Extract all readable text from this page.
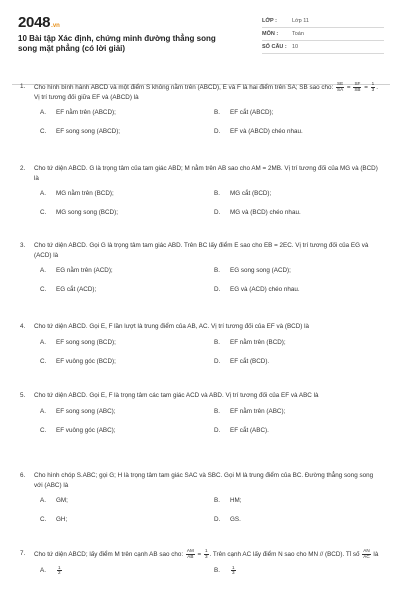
2048 .vn
10 Bài tập Xác định, chứng minh đường thẳng song song mặt phẳng (có lời giải)
LỚP :	Lớp 11
MÔN :	Toán
SỐ CÂU : 10
1.	Cho hình bình hành ABCD và một điểm S không nằm trên (ABCD), E và F là hai điểm trên SA; SB sao cho: $\frac{SE}{SA} = \frac{SF}{SB} = \frac{1}{3}$ . Vị trí tương đối giữa EF và (ABCD) là
A.	EF nằm trên (ABCD);	B.	EF cắt (ABCD);
C.	EF song song (ABCD);	D.	EF và (ABCD) chéo nhau.
2.	Cho tứ diện ABCD. G là trọng tâm của tam giác ABD; M nằm trên AB sao cho AM = 2MB. Vị trí tương đối của MG và (BCD) là
A.	MG nằm trên (BCD);	B.	MG cắt (BCD);
C.	MG song song (BCD);	D.	MG và (BCD) chéo nhau.
3.	Cho tứ diện ABCD. Gọi G là trọng tâm tam giác ABD. Trên BC lấy điểm E sao cho EB = 2EC. Vị trí tương đối của EG và (ACD) là
A.	EG nằm trên (ACD);	B.	EG song song (ACD);
C.	EG cắt (ACD);	D.	EG và (ACD) chéo nhau.
4.	Cho tứ diện ABCD. Gọi E, F lần lượt là trung điểm của AB, AC. Vị trí tương đối của EF và (BCD) là
A.	EF song song (BCD);	B.	EF nằm trên (BCD);
C.	EF vuông góc (BCD);	D.	EF cắt (BCD).
5.	Cho tứ diện ABCD. Gọi E, F là trọng tâm các tam giác ACD và ABD. Vị trí tương đối của EF và ABC là
A.	EF song song (ABC);	B.	EF nằm trên (ABC);
C.	EF vuông góc (ABC);	D.	EF cắt (ABC).
6.	Cho hình chóp S.ABC; gọi G; H là trọng tâm tam giác SAC và SBC. Gọi M là trung điểm của BC. Đường thẳng song song với (ABC) là
A.	GM;	B.	HM;
C.	GH;	D.	GS.
7.	Cho tứ diện ABCD; lấy điểm M trên cạnh AB sao cho: $\frac{AM}{AB} = \frac{1}{3}$ . Trên cạnh AC lấy điểm N sao cho MN // (BCD). Tỉ số $\frac{AN}{AC}$ là
A.	$\frac{1}{2}$	B.	$\frac{1}{3}$
